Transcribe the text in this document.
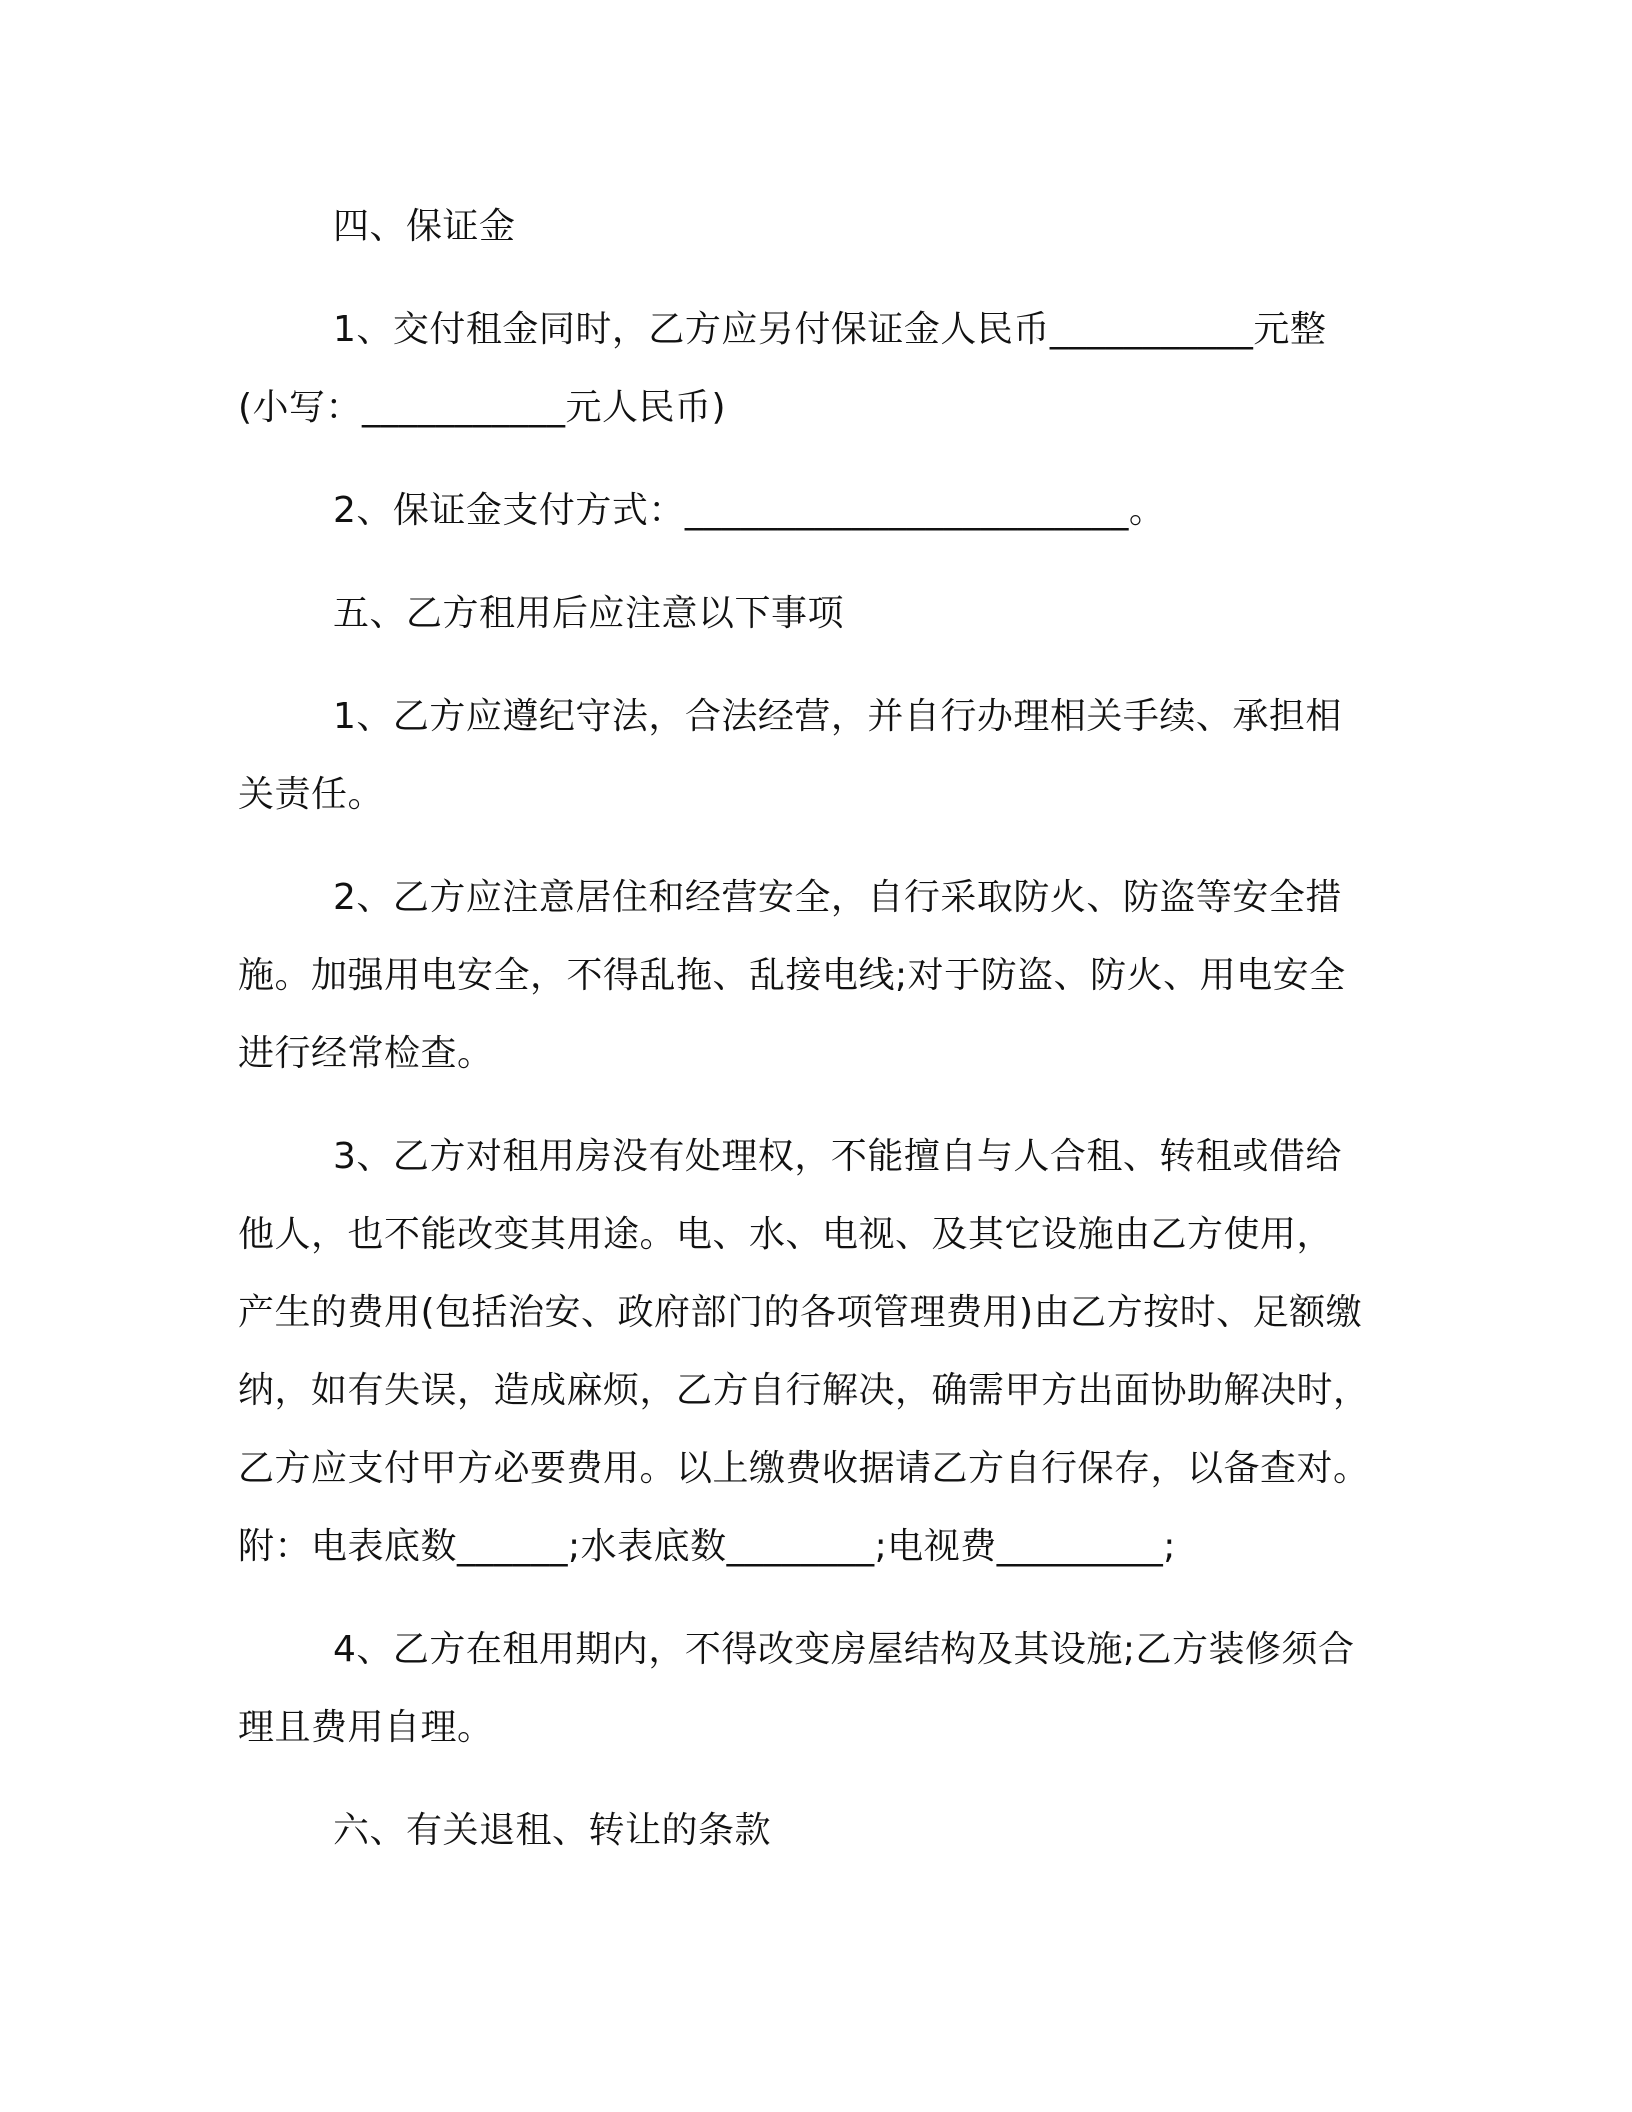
四、保证金
1、交付租金同时，乙方应另付保证金人民币___________元整
(小写：___________元人民币)
2、保证金支付方式：________________________。
五、乙方租用后应注意以下事项
1、乙方应遵纪守法，合法经营，并自行办理相关手续、承担相
关责任。
2、乙方应注意居住和经营安全，自行采取防火、防盗等安全措
施。加强用电安全，不得乱拖、乱接电线;对于防盗、防火、用电安全
进行经常检查。
3、乙方对租用房没有处理权，不能擅自与人合租、转租或借给
他人，也不能改变其用途。电、水、电视、及其它设施由乙方使用，
产生的费用(包括治安、政府部门的各项管理费用)由乙方按时、足额缴
纳，如有失误，造成麻烦，乙方自行解决，确需甲方出面协助解决时，
乙方应支付甲方必要费用。以上缴费收据请乙方自行保存，以备查对。
附：电表底数______;水表底数________;电视费_________;
4、乙方在租用期内，不得改变房屋结构及其设施;乙方装修须合
理且费用自理。
六、有关退租、转让的条款
